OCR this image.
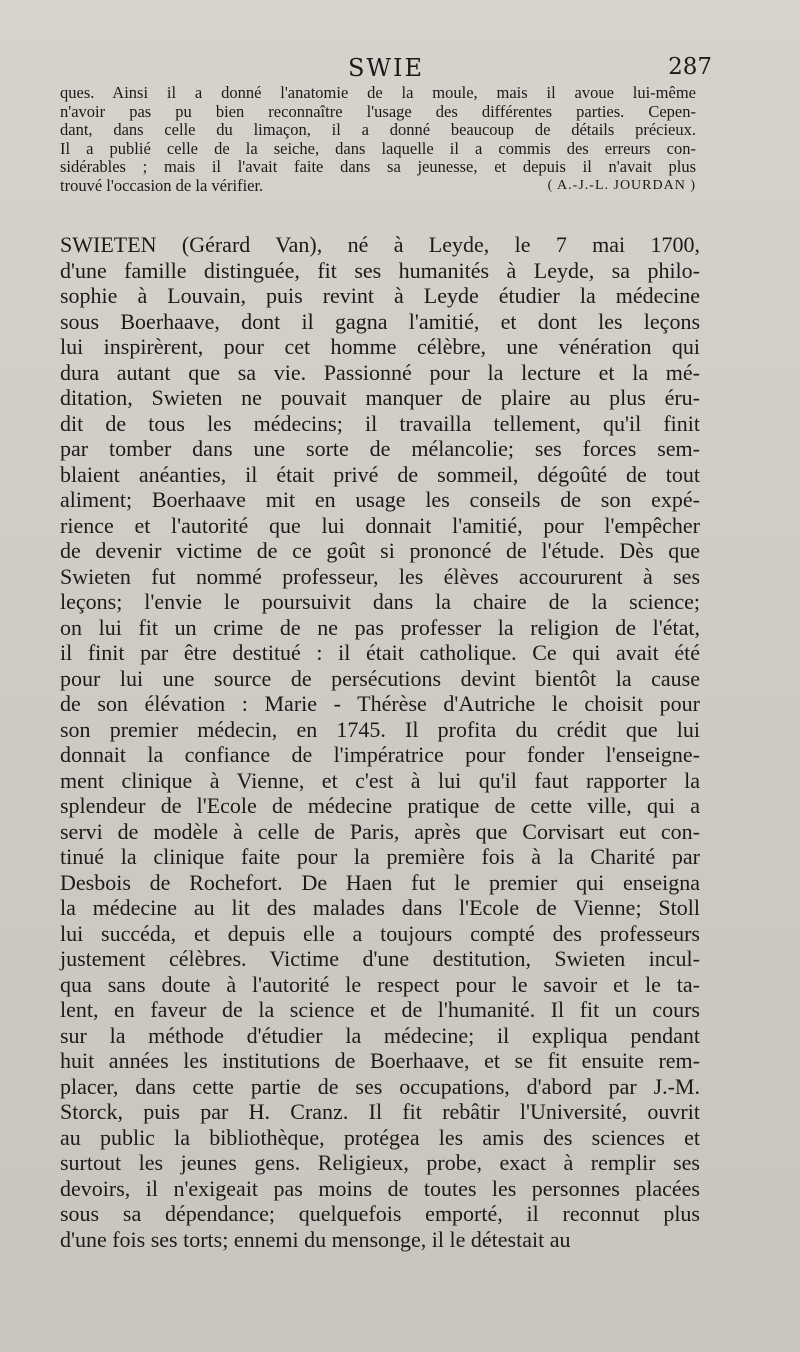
SWIE	287
ques. Ainsi il a donné l'anatomie de la moule, mais il avoue lui-même
n'avoir pas pu bien reconnaître l'usage des différentes parties. Cepen-
dant, dans celle du limaçon, il a donné beaucoup de détails précieux.
Il a publié celle de la seiche, dans laquelle il a commis des erreurs con-
sidérables ; mais il l'avait faite dans sa jeunesse, et depuis il n'avait plus
trouvé l'occasion de la vérifier.	( A.-J.-L. JOURDAN )
SWIETEN (Gérard Van), né à Leyde, le 7 mai 1700,
d'une famille distinguée, fit ses humanités à Leyde, sa philo-
sophie à Louvain, puis revint à Leyde étudier la médecine
sous Boerhaave, dont il gagna l'amitié, et dont les leçons
lui inspirèrent, pour cet homme célèbre, une vénération qui
dura autant que sa vie. Passionné pour la lecture et la mé-
ditation, Swieten ne pouvait manquer de plaire au plus éru-
dit de tous les médecins; il travailla tellement, qu'il finit
par tomber dans une sorte de mélancolie; ses forces sem-
blaient anéanties, il était privé de sommeil, dégoûté de tout
aliment; Boerhaave mit en usage les conseils de son expé-
rience et l'autorité que lui donnait l'amitié, pour l'empêcher
de devenir victime de ce goût si prononcé de l'étude. Dès que
Swieten fut nommé professeur, les élèves accoururent à ses
leçons; l'envie le poursuivit dans la chaire de la science;
on lui fit un crime de ne pas professer la religion de l'état,
il finit par être destitué : il était catholique. Ce qui avait été
pour lui une source de persécutions devint bientôt la cause
de son élévation : Marie - Thérèse d'Autriche le choisit pour
son premier médecin, en 1745. Il profita du crédit que lui
donnait la confiance de l'impératrice pour fonder l'enseigne-
ment clinique à Vienne, et c'est à lui qu'il faut rapporter la
splendeur de l'Ecole de médecine pratique de cette ville, qui a
servi de modèle à celle de Paris, après que Corvisart eut con-
tinué la clinique faite pour la première fois à la Charité par
Desbois de Rochefort. De Haen fut le premier qui enseigna
la médecine au lit des malades dans l'Ecole de Vienne; Stoll
lui succéda, et depuis elle a toujours compté des professeurs
justement célèbres. Victime d'une destitution, Swieten incul-
qua sans doute à l'autorité le respect pour le savoir et le ta-
lent, en faveur de la science et de l'humanité. Il fit un cours
sur la méthode d'étudier la médecine; il expliqua pendant
huit années les institutions de Boerhaave, et se fit ensuite rem-
placer, dans cette partie de ses occupations, d'abord par J.-M.
Storck, puis par H. Cranz. Il fit rebâtir l'Université, ouvrit
au public la bibliothèque, protégea les amis des sciences et
surtout les jeunes gens. Religieux, probe, exact à remplir ses
devoirs, il n'exigeait pas moins de toutes les personnes placées
sous sa dépendance; quelquefois emporté, il reconnut plus
d'une fois ses torts; ennemi du mensonge, il le détestait au
